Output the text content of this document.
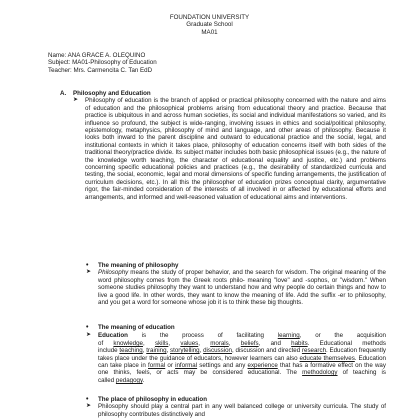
FOUNDATION UNIVERSITY
Graduate School
MA01
Name: ANA GRACE A. OLEQUINO
Subject: MA01-Philosophy of Education
Teacher: Mrs. Carmencita C. Tan EdD
A.	Philosophy and Education
➤	Philosophy of education is the branch of applied or practical philosophy concerned with the nature and aims of education and the philosophical problems arising from educational theory and practice. Because that practice is ubiquitous in and across human societies, its social and individual manifestations so varied, and its influence so profound, the subject is wide-ranging, involving issues in ethics and social/political philosophy, epistemology, metaphysics, philosophy of mind and language, and other areas of philosophy. Because it looks both inward to the parent discipline and outward to educational practice and the social, legal, and institutional contexts in which it takes place, philosophy of education concerns itself with both sides of the traditional theory/practice divide. Its subject matter includes both basic philosophical issues (e.g., the nature of the knowledge worth teaching, the character of educational equality and justice, etc.) and problems concerning specific educational policies and practices (e.g., the desirability of standardized curricula and testing, the social, economic, legal and moral dimensions of specific funding arrangements, the justification of curriculum decisions, etc.). In all this the philosopher of education prizes conceptual clarity, argumentative rigor, the fair-minded consideration of the interests of all involved in or affected by educational efforts and arrangements, and informed and well-reasoned valuation of educational aims and interventions.
•	The meaning of philosophy
➤	Philosophy means the study of proper behavior, and the search for wisdom. The original meaning of the word philosophy comes from the Greek roots philo- meaning "love" and -sophos, or "wisdom." When someone studies philosophy they want to understand how and why people do certain things and how to live a good life. In other words, they want to know the meaning of life. Add the suffix -er to philosophy, and you get a word for someone whose job it is to think these big thoughts.
•	The meaning of education
➤	Education is the process of facilitating learning, or the acquisition of knowledge, skills, values, morals, beliefs, and habits. Educational methods include teaching, training, storytelling, discussion, discussion and directed research. Education frequently takes place under the guidance of educators, however learners can also educate themselves. Education can take place in formal or informal settings and any experience that has a formative effect on the way one thinks, feels, or acts may be considered educational. The methodology of teaching is called pedagogy.
•	The place of philosophy in education
➤	Philosophy should play a central part in any well balanced college or university curricula. The study of philosophy contributes distinctively and
